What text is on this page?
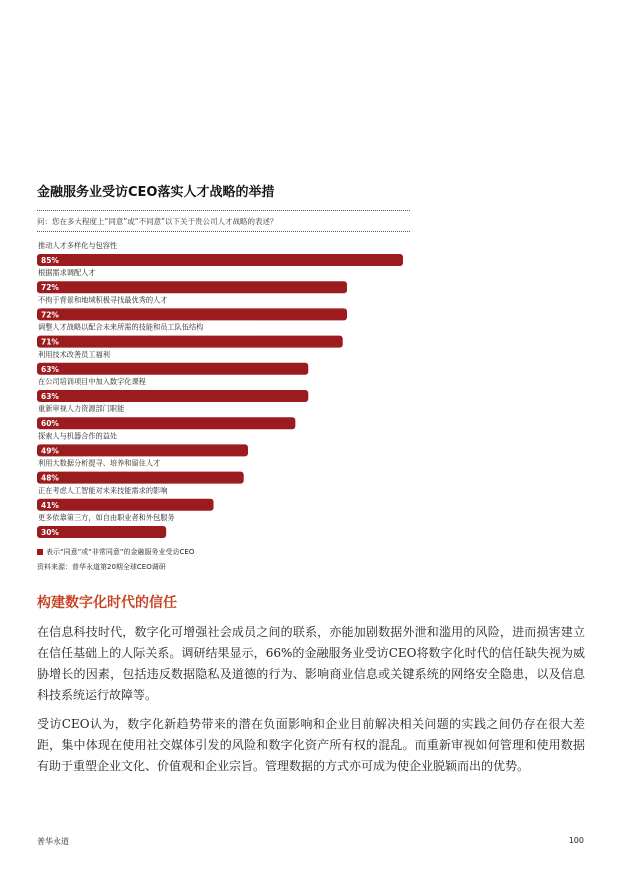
金融服务业受访CEO落实人才战略的举措
问：您在多大程度上“同意”或“不同意”以下关于贵公司人才战略的表述？
推动人才多样化与包容性
85%
根据需求调配人才
72%
不拘于背景和地域积极寻找最优秀的人才
72%
调整人才战略以配合未来所需的技能和员工队伍结构
71%
利用技术改善员工福利
63%
在公司培训项目中加入数字化课程
63%
重新审视人力资源部门职能
60%
探索人与机器合作的益处
49%
利用大数据分析提寻、培养和留住人才
48%
正在考虑人工智能对未来技能需求的影响
41%
更多依靠第三方，如自由职业者和外包服务
30%
表示“同意”或“非常同意”的金融服务业受访CEO
资料来源：普华永道第20期全球CEO调研
构建数字化时代的信任

在信息科技时代，数字化可增强社会成员之间的联系，亦能加剧数据外泄和滥用的风险，进而损害建立在信任基础上的人际关系。调研结果显示，66%的金融服务业受访CEO将数字化时代的信任缺失视为威胁增长的因素，包括违反数据隐私及道德的行为、影响商业信息或关键系统的网络安全隐患，以及信息科技系统运行故障等。

受访CEO认为，数字化新趋势带来的潜在负面影响和企业目前解决相关问题的实践之间仍存在很大差距，集中体现在使用社交媒体引发的风险和数字化资产所有权的混乱。而重新审视如何管理和使用数据有助于重塑企业文化、价值观和企业宗旨。管理数据的方式亦可成为使企业脱颖而出的优势。

普华永道	100
